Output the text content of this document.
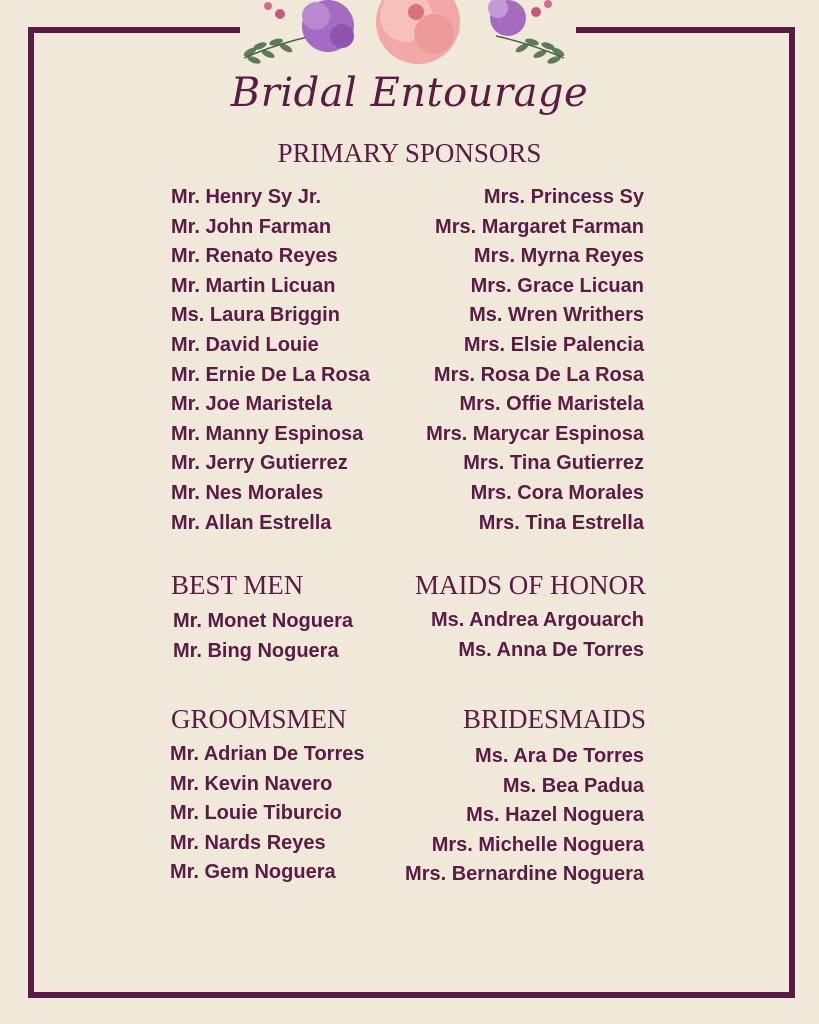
Bridal Entourage
PRIMARY SPONSORS
Mr. Henry Sy Jr.
Mr. John Farman
Mr. Renato Reyes
Mr. Martin Licuan
Ms. Laura Briggin
Mr. David Louie
Mr. Ernie De La Rosa
Mr. Joe Maristela
Mr. Manny Espinosa
Mr. Jerry Gutierrez
Mr. Nes Morales
Mr. Allan Estrella
Mrs. Princess Sy
Mrs. Margaret Farman
Mrs. Myrna Reyes
Mrs. Grace Licuan
Ms. Wren Writhers
Mrs. Elsie Palencia
Mrs. Rosa De La Rosa
Mrs. Offie Maristela
Mrs. Marycar Espinosa
Mrs. Tina Gutierrez
Mrs. Cora Morales
Mrs. Tina Estrella
BEST MEN	MAIDS OF HONOR
Mr. Monet Noguera
Mr. Bing Noguera
Ms. Andrea Argouarch
Ms. Anna De Torres
GROOMSMEN	BRIDESMAIDS
Mr. Adrian De Torres
Mr. Kevin Navero
Mr. Louie Tiburcio
Mr. Nards Reyes
Mr. Gem Noguera
Ms. Ara De Torres
Ms. Bea Padua
Ms. Hazel Noguera
Mrs. Michelle Noguera
Mrs. Bernardine Noguera
